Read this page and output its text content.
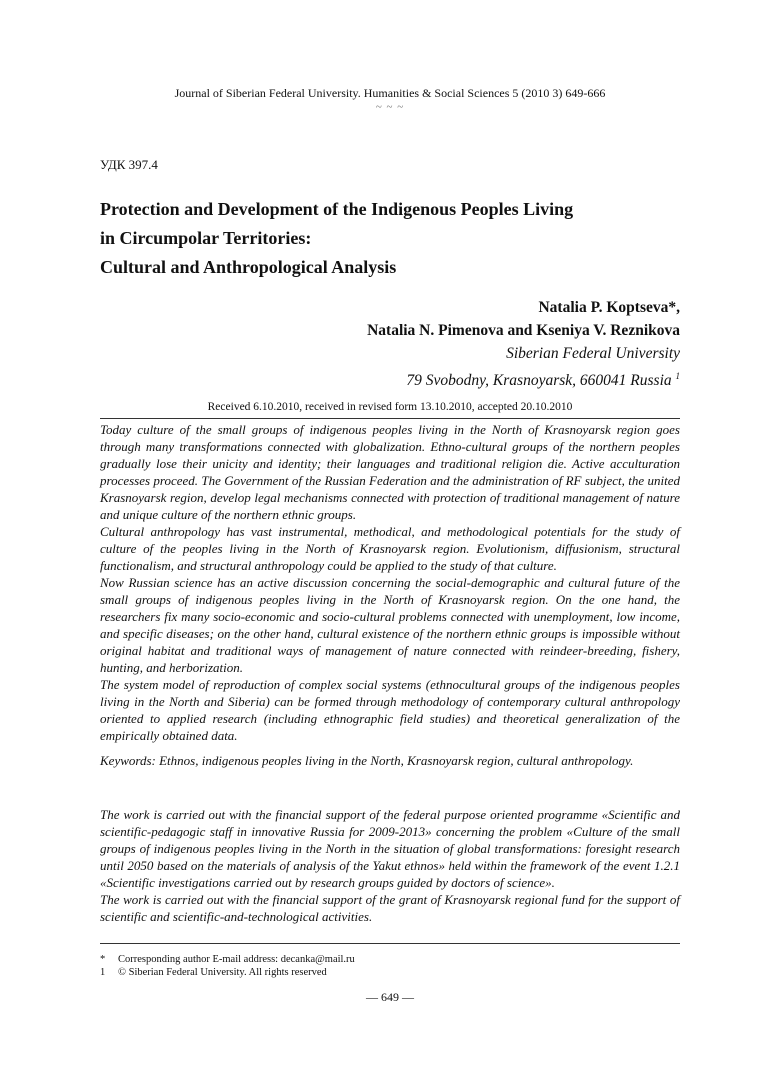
Journal of Siberian Federal University. Humanities & Social Sciences 5 (2010 3) 649-666
~ ~ ~
УДК 397.4
Protection and Development of the Indigenous Peoples Living
in Circumpolar Territories:
Cultural and Anthropological Analysis
Natalia P. Koptseva*,
Natalia N. Pimenova and Kseniya V. Reznikova
Siberian Federal University
79 Svobodny, Krasnoyarsk, 660041 Russia $^1$
Received 6.10.2010, received in revised form 13.10.2010, accepted 20.10.2010

Today culture of the small groups of indigenous peoples living in the North of Krasnoyarsk region goes through many transformations connected with globalization. Ethno-cultural groups of the northern peoples gradually lose their unicity and identity; their languages and traditional religion die. Active acculturation processes proceed. The Government of the Russian Federation and the administration of RF subject, the united Krasnoyarsk region, develop legal mechanisms connected with protection of traditional management of nature and unique culture of the northern ethnic groups.

Cultural anthropology has vast instrumental, methodical, and methodological potentials for the study of culture of the peoples living in the North of Krasnoyarsk region. Evolutionism, diffusionism, structural functionalism, and structural anthropology could be applied to the study of that culture.

Now Russian science has an active discussion concerning the social-demographic and cultural future of the small groups of indigenous peoples living in the North of Krasnoyarsk region. On the one hand, the researchers fix many socio-economic and socio-cultural problems connected with unemployment, low income, and specific diseases; on the other hand, cultural existence of the northern ethnic groups is impossible without original habitat and traditional ways of management of nature connected with reindeer-breeding, fishery, hunting, and herborization.

The system model of reproduction of complex social systems (ethnocultural groups of the indigenous peoples living in the North and Siberia) can be formed through methodology of contemporary cultural anthropology oriented to applied research (including ethnographic field studies) and theoretical generalization of the empirically obtained data.

Keywords: Ethnos, indigenous peoples living in the North, Krasnoyarsk region, cultural anthropology.

The work is carried out with the financial support of the federal purpose oriented programme «Scientific and scientific-pedagogic staff in innovative Russia for 2009-2013» concerning the problem «Culture of the small groups of indigenous peoples living in the North in the situation of global transformations: foresight research until 2050 based on the materials of analysis of the Yakut ethnos» held within the framework of the event 1.2.1 «Scientific investigations carried out by research groups guided by doctors of science».

The work is carried out with the financial support of the grant of Krasnoyarsk regional fund for the support of scientific and scientific-and-technological activities.

*	Corresponding author E-mail address: decanka@mail.ru
1	© Siberian Federal University. All rights reserved
— 649 —
